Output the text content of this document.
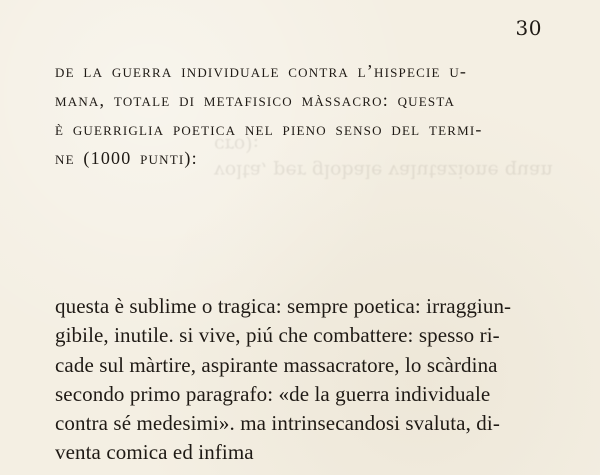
30
volta, per globale valutazione quan
cro):
de la guerra individuale contra l’hispecie u-
mana, totale di metafisico màssacro: questa
è guerriglia poetica nel pieno senso del termi-
ne (1000 punti):
questa è sublime o tragica: sempre poetica: irraggiun-
gibile, inutile. si vive, piú che combattere: spesso ri-
cade sul màrtire, aspirante massacratore, lo scàrdina
secondo primo paragrafo: «de la guerra individuale
contra sé medesimi». ma intrinsecandosi svaluta, di-
venta comica ed infima
